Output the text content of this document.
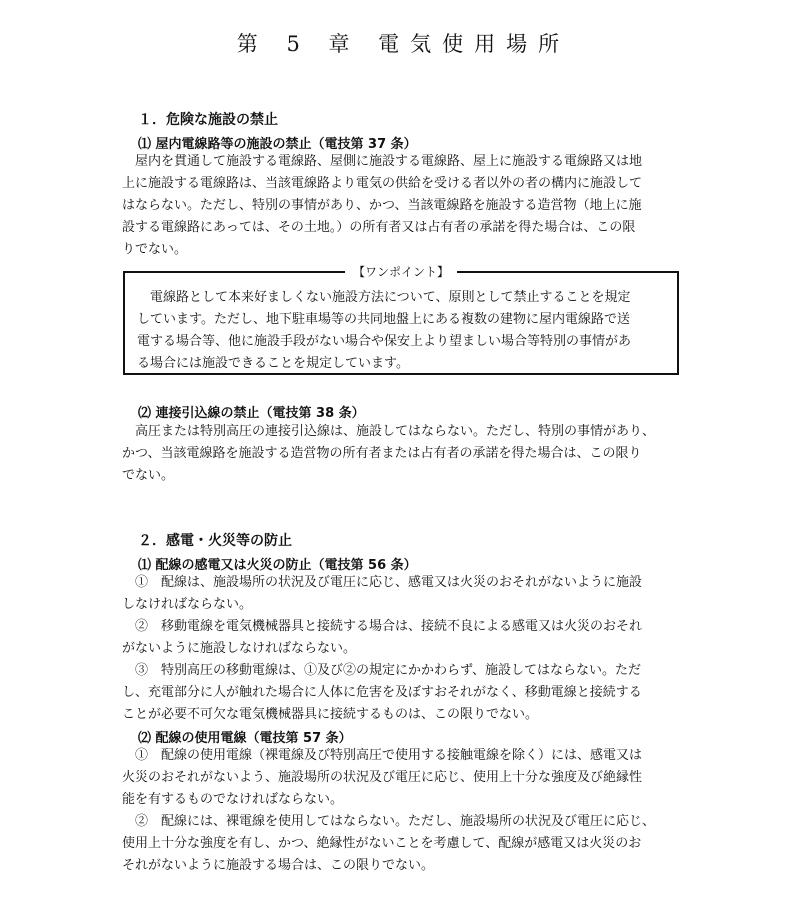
第 5 章 電気使用場所
１．危険な施設の禁止
⑴ 屋内電線路等の施設の禁止（電技第 37 条）
　屋内を貫通して施設する電線路、屋側に施設する電線路、屋上に施設する電線路又は地
上に施設する電線路は、当該電線路より電気の供給を受ける者以外の者の構内に施設して
はならない。ただし、特別の事情があり、かつ、当該電線路を施設する造営物（地上に施
設する電線路にあっては、その土地。）の所有者又は占有者の承諾を得た場合は、この限
りでない。
【ワンポイント】
　電線路として本来好ましくない施設方法について、原則として禁止することを規定
しています。ただし、地下駐車場等の共同地盤上にある複数の建物に屋内電線路で送
電する場合等、他に施設手段がない場合や保安上より望ましい場合等特別の事情があ
る場合には施設できることを規定しています。
⑵ 連接引込線の禁止（電技第 38 条）
　高圧または特別高圧の連接引込線は、施設してはならない。ただし、特別の事情があり、
かつ、当該電線路を施設する造営物の所有者または占有者の承諾を得た場合は、この限り
でない。
２．感電・火災等の防止
⑴ 配線の感電又は火災の防止（電技第 56 条）
　①　配線は、施設場所の状況及び電圧に応じ、感電又は火災のおそれがないように施設
しなければならない。
　②　移動電線を電気機械器具と接続する場合は、接続不良による感電又は火災のおそれ
がないように施設しなければならない。
　③　特別高圧の移動電線は、①及び②の規定にかかわらず、施設してはならない。ただ
し、充電部分に人が触れた場合に人体に危害を及ぼすおそれがなく、移動電線と接続する
ことが必要不可欠な電気機械器具に接続するものは、この限りでない。
⑵ 配線の使用電線（電技第 57 条）
　①　配線の使用電線（裸電線及び特別高圧で使用する接触電線を除く）には、感電又は
火災のおそれがないよう、施設場所の状況及び電圧に応じ、使用上十分な強度及び絶縁性
能を有するものでなければならない。
　②　配線には、裸電線を使用してはならない。ただし、施設場所の状況及び電圧に応じ、
使用上十分な強度を有し、かつ、絶縁性がないことを考慮して、配線が感電又は火災のお
それがないように施設する場合は、この限りでない。
